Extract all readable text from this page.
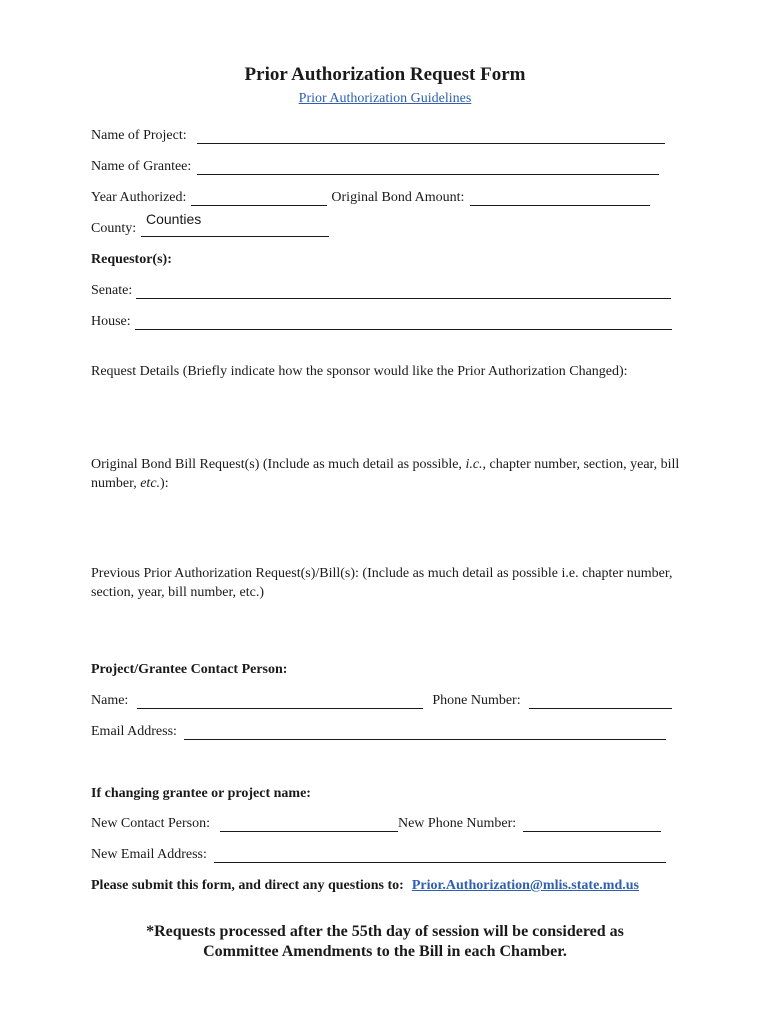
Prior Authorization Request Form
Prior Authorization Guidelines
Name of Project:
Name of Grantee:
Year Authorized:	Original Bond Amount:
County:
Counties
Requestor(s):
Senate:
House:
Request Details (Briefly indicate how the sponsor would like the Prior Authorization Changed):
Original Bond Bill Request(s) (Include as much detail as possible, i.c., chapter number, section, year, bill number, etc.):
Previous Prior Authorization Request(s)/Bill(s): (Include as much detail as possible i.e. chapter number, section, year, bill number, etc.)
Project/Grantee Contact Person:
Name:	Phone Number:
Email Address:
If changing grantee or project name:
New Contact Person:	New Phone Number:
New Email Address:
Please submit this form, and direct any questions to: Prior.Authorization@mlis.state.md.us
*Requests processed after the 55th day of session will be considered as
Committee Amendments to the Bill in each Chamber.
